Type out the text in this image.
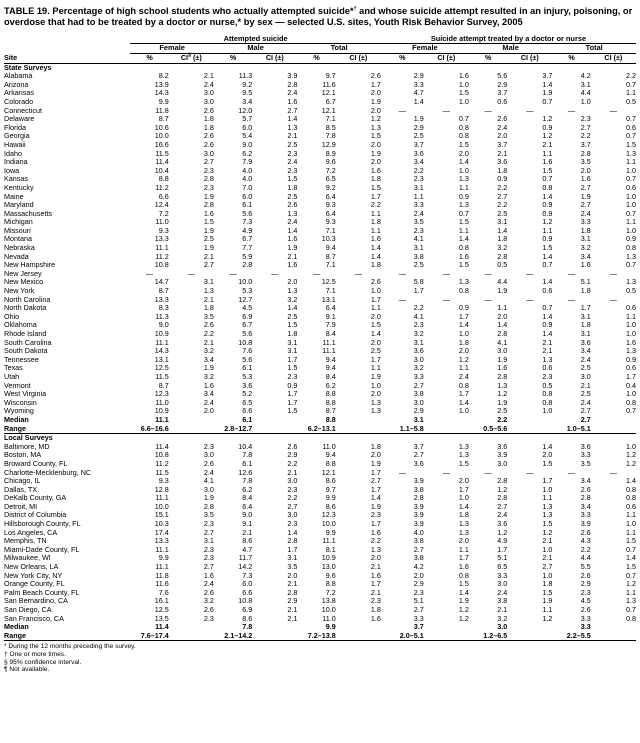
TABLE 19. Percentage of high school students who actually attempted suicide*† and whose suicide attempt resulted in an injury, poisoning, or overdose that had to be treated by a doctor or nurse,* by sex — selected U.S. sites, Youth Risk Behavior Survey, 2005
	Attempted suicide						Suicide attempt treated by a doctor or nurse					
	Female		Male		Total		Female		Male		Total	
Site	%	CI§ (±)	%	CI (±)	%	CI (±)	%	CI (±)	%	CI (±)	%	CI (±)
State Surveys												
Alabama	8.2	2.1	11.3	3.9	9.7	2.6	2.9	1.6	5.6	3.7	4.2	2.2
Arizona	13.9	2.4	9.2	2.8	11.6	1.7	3.3	1.0	2.9	1.4	3.1	0.7
Arkansas	14.3	3.0	9.5	2.4	12.1	2.0	4.7	1.5	3.7	1.9	4.4	1.1
Colorado	9.9	3.0	3.4	1.6	6.7	1.9	1.4	1.0	0.6	0.7	1.0	0.5
Connecticut	11.8	2.6	12.0	2.7	12.1	2.0	—	—	—	—	—	—
Delaware	8.7	1.8	5.7	1.4	7.1	1.2	1.9	0.7	2.6	1.2	2.3	0.7
Florida	10.6	1.8	6.0	1.3	8.5	1.3	2.9	0.8	2.4	0.9	2.7	0.6
Georgia	10.0	2.6	5.4	2.1	7.8	1.5	2.5	0.8	2.0	1.2	2.2	0.7
Hawaii	16.6	2.6	9.0	2.5	12.9	2.0	3.7	1.5	3.7	2.1	3.7	1.5
Idaho	11.5	3.0	6.2	2.3	8.9	1.9	3.6	2.0	2.1	1.1	2.8	1.3
Indiana	11.4	2.7	7.9	2.4	9.6	2.0	3.4	1.4	3.6	1.6	3.5	1.1
Iowa	10.4	2.3	4.0	2.3	7.2	1.6	2.2	1.0	1.8	1.5	2.0	1.0
Kansas	8.8	2.8	4.0	1.5	6.5	1.8	2.3	1.3	0.9	0.7	1.6	0.7
Kentucky	11.2	2.3	7.0	1.8	9.2	1.5	3.1	1.1	2.2	0.8	2.7	0.6
Maine	6.6	1.9	6.0	2.5	6.4	1.7	1.1	0.9	2.7	1.4	1.9	1.0
Maryland	12.4	2.8	6.1	2.6	9.3	2.2	3.3	1.3	2.2	0.9	2.7	1.0
Massachusetts	7.2	1.6	5.6	1.3	6.4	1.1	2.4	0.7	2.5	0.9	2.4	0.7
Michigan	11.0	1.5	7.3	2.4	9.3	1.8	3.5	1.5	3.1	1.2	3.3	1.1
Missouri	9.3	1.9	4.9	1.4	7.1	1.1	2.3	1.1	1.4	1.1	1.8	1.0
Montana	13.3	2.5	6.7	1.6	10.3	1.6	4.1	1.4	1.8	0.9	3.1	0.9
Nebraska	11.1	1.9	7.7	1.9	9.4	1.4	3.1	0.8	3.2	1.5	3.2	0.8
Nevada	11.2	2.1	5.9	2.1	8.7	1.4	3.8	1.6	2.8	1.4	3.4	1.3
New Hampshire	10.8	2.7	2.8	1.6	7.1	1.8	2.5	1.5	0.5	0.7	1.6	0.7
New Jersey	—	—	—	—	—	—	—	—	—	—	—	—
New Mexico	14.7	3.1	10.0	2.0	12.5	2.6	5.8	1.3	4.4	1.4	5.1	1.3
New York	8.7	1.3	5.3	1.3	7.1	1.0	1.7	0.8	1.9	0.6	1.8	0.5
North Carolina	13.3	2.1	12.7	3.2	13.1	1.7	—	—	—	—	—	—
North Dakota	8.3	1.8	4.5	1.4	6.4	1.1	2.2	0.9	1.1	0.7	1.7	0.6
Ohio	11.3	3.5	6.9	2.5	9.1	2.0	4.1	1.7	2.0	1.4	3.1	1.1
Oklahoma	9.0	2.6	6.7	1.5	7.9	1.5	2.3	1.4	1.4	0.9	1.8	1.0
Rhode Island	10.9	2.2	5.6	1.8	8.4	1.4	3.2	1.0	2.8	1.4	3.1	1.0
South Carolina	11.1	2.1	10.8	3.1	11.1	2.0	3.1	1.8	4.1	2.1	3.6	1.6
South Dakota	14.3	3.2	7.6	3.1	11.1	2.5	3.6	2.0	3.0	2.1	3.4	1.3
Tennessee	13.1	3.4	5.6	1.7	9.4	1.7	3.0	1.2	1.9	1.3	2.4	0.9
Texas	12.5	1.9	6.1	1.5	9.4	1.1	3.2	1.1	1.6	0.6	2.5	0.6
Utah	11.5	3.2	5.3	2.3	8.4	1.9	3.3	2.4	2.8	2.3	3.0	1.7
Vermont	8.7	1.6	3.6	0.9	6.2	1.0	2.7	0.8	1.3	0.5	2.1	0.4
West Virginia	12.3	3.4	5.2	1.7	8.8	2.0	3.8	1.7	1.2	0.8	2.5	1.0
Wisconsin	11.0	2.4	6.5	1.7	8.8	1.3	3.0	1.4	1.9	0.8	2.4	0.8
Wyoming	10.9	2.0	6.6	1.5	8.7	1.3	2.9	1.0	2.5	1.0	2.7	0.7
Median	11.1		6.1		8.8		3.1		2.2		2.7	
Range	6.6–16.6		2.8–12.7		6.2–13.1		1.1–5.8		0.5–5.6		1.0–5.1	
Local Surveys												
Baltimore, MD	11.4	2.3	10.4	2.6	11.0	1.8	3.7	1.3	3.6	1.4	3.6	1.0
Boston, MA	10.8	3.0	7.8	2.9	9.4	2.0	2.7	1.3	3.9	2.0	3.3	1.2
Broward County, FL	11.2	2.6	6.1	2.2	8.8	1.9	3.6	1.5	3.0	1.5	3.5	1.2
Charlotte-Mecklenburg, NC	11.5	2.4	12.6	2.1	12.1	1.7	—	—	—	—	—	—
Chicago, IL	9.3	4.1	7.8	3.0	8.6	2.7	3.9	2.0	2.8	1.7	3.4	1.4
Dallas, TX	12.8	3.0	6.2	2.3	9.7	1.7	3.8	1.7	1.2	1.0	2.6	0.8
DeKalb County, GA	11.1	1.9	8.4	2.2	9.9	1.4	2.8	1.0	2.8	1.1	2.8	0.8
Detroit, MI	10.0	2.8	6.4	2.7	8.6	1.9	3.9	1.4	2.7	1.3	3.4	0.6
District of Columbia	15.1	3.5	9.0	3.0	12.3	2.3	3.9	1.8	2.4	1.3	3.3	1.1
Hillsborough County, FL	10.3	2.3	9.1	2.3	10.0	1.7	3.9	1.3	3.6	1.5	3.9	1.0
Los Angeles, CA	17.4	2.7	2.1	1.4	9.9	1.6	4.0	1.3	1.2	1.2	2.6	1.1
Memphis, TN	13.3	3.1	8.6	2.8	11.1	2.2	3.8	2.0	4.9	2.1	4.3	1.5
Miami-Dade County, FL	11.1	2.3	4.7	1.7	8.1	1.3	2.7	1.1	1.7	1.0	2.2	0.7
Milwaukee, WI	9.9	2.3	11.7	3.1	10.9	2.0	3.8	1.7	5.1	2.1	4.4	1.4
New Orleans, LA	11.1	2.7	14.2	3.5	13.0	2.1	4.2	1.6	6.5	2.7	5.5	1.5
New York City, NY	11.8	1.6	7.3	2.0	9.6	1.6	2.0	0.8	3.3	1.0	2.6	0.7
Orange County, FL	11.6	2.4	6.0	2.1	8.8	1.7	2.9	1.5	3.0	1.8	2.9	1.2
Palm Beach County, FL	7.6	2.6	6.6	2.8	7.2	2.1	2.3	1.4	2.4	1.5	2.3	1.1
San Bernardino, CA	16.1	3.2	10.8	2.9	13.8	2.3	5.1	1.9	3.8	1.9	4.5	1.3
San Diego, CA	12.5	2.6	6.9	2.1	10.0	1.8	2.7	1.2	2.1	1.1	2.6	0.7
San Francisco, CA	13.5	2.3	8.6	2.1	11.0	1.6	3.3	1.2	3.2	1.2	3.3	0.8
Median	11.4		7.8		9.9		3.7		3.0		3.3	
Range	7.6–17.4		2.1–14.2		7.2–13.8		2.0–5.1		1.2–6.5		2.2–5.5	
* During the 12 months preceding the survey.
† One or more times.
§ 95% confidence interval.
¶ Not available.
